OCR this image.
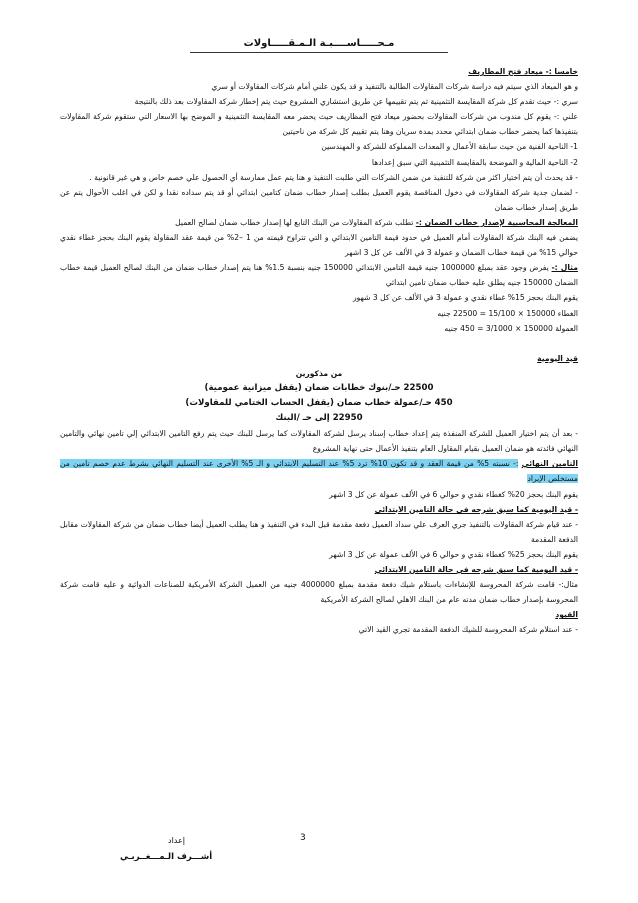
مـحـــــاســــبـة الـمـقـــــاولات

خامسا :- ميعاد فتح المظاريف

و هو الميعاد الذي سيتم فيه دراسة شركات المقاولات الطالبة بالتنفيذ و قد يكون علني أمام شركات المقاولات أو سري

سري :- حيث تقدم كل شركة المقايسة التثمينية ثم يتم تقييمها عن طريق استشاري المشروع حيث يتم إخطار شركة المقاولات بعد ذلك بالنتيجة

علني :- يقوم كل مندوب من شركات المقاولات بحضور ميعاد فتح المظاريف حيث يحضر معه المقايسة التثمينية و الموضح بها الاسعار التي ستقوم شركة المقاولات بتنفيذها كما يحضر خطاب ضمان ابتدائي محدد بمدة سريان وهنا يتم تقييم كل شركة من ناحيتين

1- الناحية الفنية من حيث سابقة الأعمال و المعدات المملوكة للشركة و المهندسين

2- الناحية المالية و الموضحة بالمقايسة التثمينية التي سبق إعدادها

- قد يحدث أن يتم اختيار اكثر من شركة للتنفيذ من ضمن الشركات التي طلبت التنفيذ و هنا يتم عمل ممارسة أي الحصول علي خصم خاص و هي غير قانونية .

- لضمان جدية شركة المقاولات في دخول المناقصة يقوم العميل بطلب إصدار خطاب ضمان كتامين ابتدائي أو قد يتم سداده نقدا و لكن في اغلب الأحوال يتم عن طريق إصدار خطاب ضمان

المعالجة المحاسبية لإصدار خطاب الضمان :- تطلب شركة المقاولات من البنك التابع لها إصدار خطاب ضمان لصالح العميل

يضمن فيه البنك شركة المقاولات أمام العميل في حدود قيمة التامين الابتدائي و التي تتراوح قيمته من 1 –2% من قيمة عقد المقاولة يقوم البنك بحجز غطاء نقدي حوالي 15% من قيمة خطاب الضمان و عمولة 3 في الألف عن كل 3 اشهر

مثال :- يفرض وجود عقد بمبلغ 1000000 جنيه قيمة التامين الابتدائي 150000 جنيه بنسبة 1.5% هنا يتم إصدار خطاب ضمان من البنك لصالح العميل قيمة خطاب الضمان 150000 جنيه يطلق عليه خطاب ضمان تامين ابتدائي

يقوم البنك بحجز 15% غطاء نقدي و عمولة 3 في الألف عن كل 3 شهور

الغطاء 150000 × 15/100 = 22500 جنيه

العمولة 150000 × 3/1000 = 450 جنيه

قيد اليومية

من مذكورين

22500 حـ/بنوك خطابات ضمان (يقفل ميزانية عمومية)

450 حـ/عمولة خطاب ضمان (يقفل الحساب الختامي للمقاولات)

22950 إلى حـ /البنك

- بعد أن يتم اختيار العميل للشركة المنفذة يتم إعداد خطاب إسناد يرسل لشركة المقاولات كما يرسل للبنك حيث يتم رفع التامين الابتدائي إلي تامين نهائي والتامين النهائي فائدته هو ضمان العميل بقيام المقاول العام بتنفيذ الأعمال حتى نهاية المشروع

التامين النهائي :- نسبته 5% من قيمة العقد و قد تكون 10% ترد 5% عند التسليم الابتدائي و الـ 5% الأخرى عند التسليم النهائي بشرط عدم خصم تامين من مستخلص الإيراد

يقوم البنك بحجز 20% كغطاء نقدي و حوالي 6 في الألف عمولة عن كل 3 اشهر

- قيد اليومية كما سبق شرحه في حالة التامين الابتدائي

- عند قيام شركة المقاولات بالتنفيذ جري العرف علي سداد العميل دفعة مقدمة قبل البدء في التنفيذ و هنا يطلب العميل أيضا خطاب ضمان من شركة المقاولات مقابل الدفعة المقدمة

يقوم البنك بحجز 25% كغطاء نقدي و حوالي 6 في الألف عمولة عن كل 3 اشهر

- قيد اليومية كما سبق شرحه في حالة التامين الابتدائي

مثال:- قامت شركة المحروسة للإنشاءات باستلام شيك دفعة مقدمة بمبلغ 4000000 جنيه من العميل الشركة الأمريكية للصناعات الدوائية و عليه قامت شركة المحروسة بإصدار خطاب ضمان مدته عام من البنك الاهلي لصالح الشركة الأمريكية

القيود

- عند استلام شركة المحروسة للشيك الدفعة المقدمة تجري القيد الاتي

3
إعداد
أشـــرف الـمـــغــربـي
